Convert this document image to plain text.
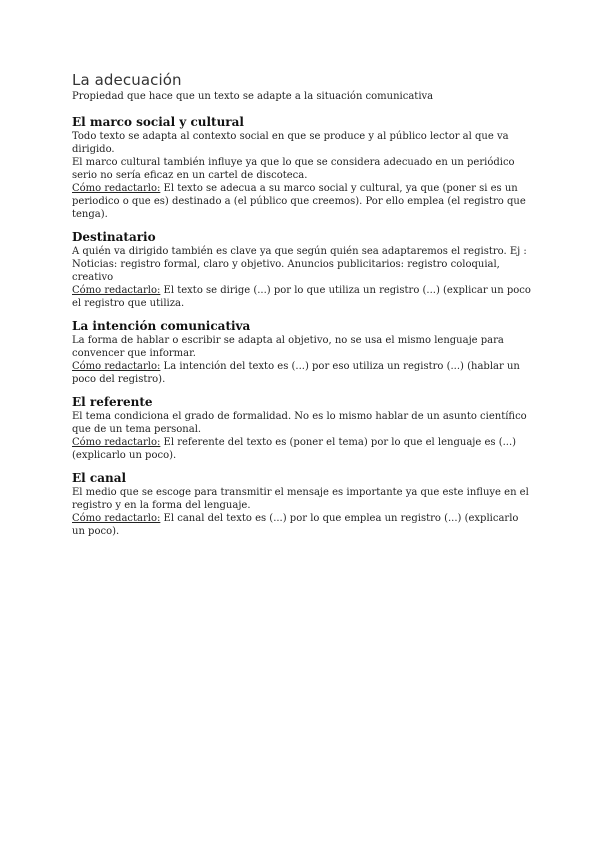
La adecuación

Propiedad que hace que un texto se adapte a la situación comunicativa

El marco social y cultural

Todo texto se adapta al contexto social en que se produce y al público lector al que va dirigido.

El marco cultural también influye ya que lo que se considera adecuado en un periódico serio no sería eficaz en un cartel de discoteca.

Cómo redactarlo: El texto se adecua a su marco social y cultural, ya que (poner si es un periodico o que es) destinado a (el público que creemos). Por ello emplea (el registro que tenga).

Destinatario

A quién va dirigido también es clave ya que según quién sea adaptaremos el registro. Ej : Noticias: registro formal, claro y objetivo. Anuncios publicitarios: registro coloquial, creativo

Cómo redactarlo: El texto se dirige (...) por lo que utiliza un registro (...) (explicar un poco el registro que utiliza.

La intención comunicativa

La forma de hablar o escribir se adapta al objetivo, no se usa el mismo lenguaje para convencer que informar.

Cómo redactarlo: La intención del texto es (...) por eso utiliza un registro (...) (hablar un poco del registro).

El referente

El tema condiciona el grado de formalidad. No es lo mismo hablar de un asunto científico que de un tema personal.

Cómo redactarlo: El referente del texto es (poner el tema) por lo que el lenguaje es (...) (explicarlo un poco).

El canal

El medio que se escoge para transmitir el mensaje es importante ya que este influye en el registro y en la forma del lenguaje.

Cómo redactarlo: El canal del texto es (...) por lo que emplea un registro (...) (explicarlo un poco).
